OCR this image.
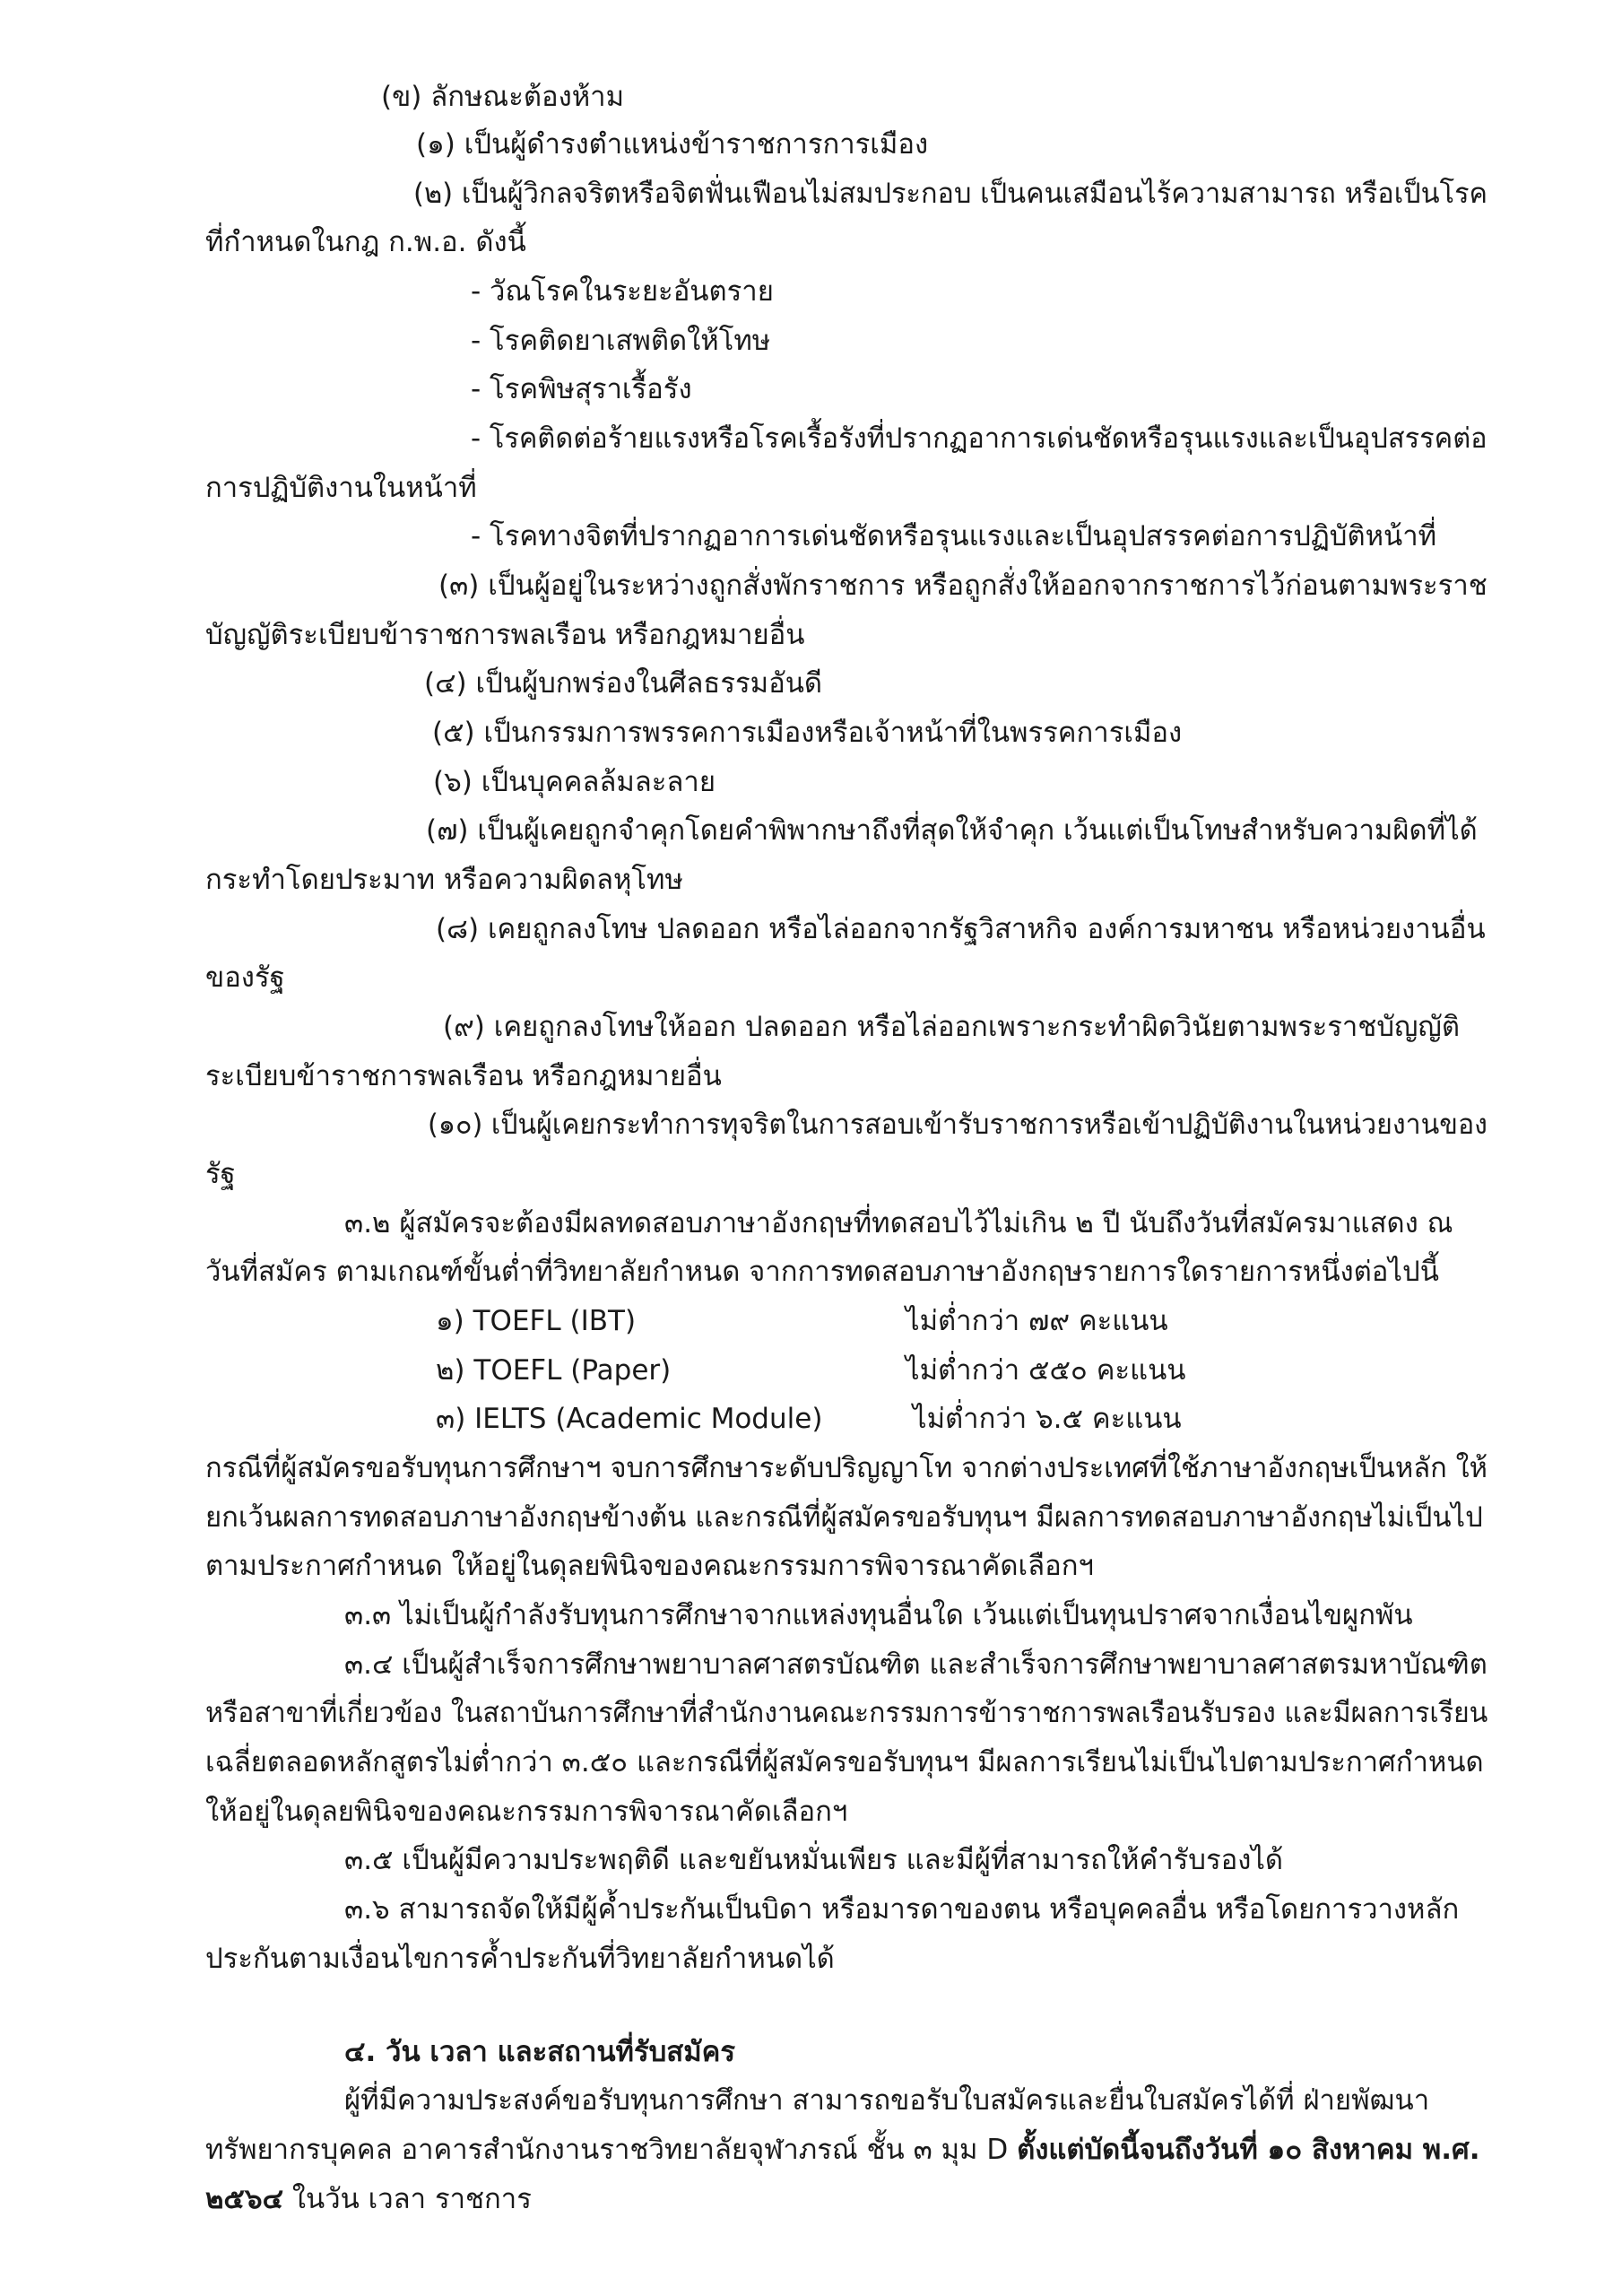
(ข) ลักษณะต้องห้าม

(๑) เป็นผู้ดำรงตำแหน่งข้าราชการการเมือง

(๒) เป็นผู้วิกลจริตหรือจิตฟั่นเฟือนไม่สมประกอบ เป็นคนเสมือนไร้ความสามารถ หรือเป็นโรค

ที่กำหนดในกฎ ก.พ.อ. ดังนี้

- วัณโรคในระยะอันตราย

- โรคติดยาเสพติดให้โทษ

- โรคพิษสุราเรื้อรัง

- โรคติดต่อร้ายแรงหรือโรคเรื้อรังที่ปรากฏอาการเด่นชัดหรือรุนแรงและเป็นอุปสรรคต่อ

การปฏิบัติงานในหน้าที่

- โรคทางจิตที่ปรากฏอาการเด่นชัดหรือรุนแรงและเป็นอุปสรรคต่อการปฏิบัติหน้าที่

(๓) เป็นผู้อยู่ในระหว่างถูกสั่งพักราชการ หรือถูกสั่งให้ออกจากราชการไว้ก่อนตามพระราช

บัญญัติระเบียบข้าราชการพลเรือน หรือกฎหมายอื่น

(๔) เป็นผู้บกพร่องในศีลธรรมอันดี

(๕) เป็นกรรมการพรรคการเมืองหรือเจ้าหน้าที่ในพรรคการเมือง

(๖) เป็นบุคคลล้มละลาย

(๗) เป็นผู้เคยถูกจำคุกโดยคำพิพากษาถึงที่สุดให้จำคุก เว้นแต่เป็นโทษสำหรับความผิดที่ได้

กระทำโดยประมาท หรือความผิดลหุโทษ

(๘) เคยถูกลงโทษ ปลดออก หรือไล่ออกจากรัฐวิสาหกิจ องค์การมหาชน หรือหน่วยงานอื่น

ของรัฐ

(๙) เคยถูกลงโทษให้ออก ปลดออก หรือไล่ออกเพราะกระทำผิดวินัยตามพระราชบัญญัติ

ระเบียบข้าราชการพลเรือน หรือกฎหมายอื่น

(๑๐) เป็นผู้เคยกระทำการทุจริตในการสอบเข้ารับราชการหรือเข้าปฏิบัติงานในหน่วยงานของ

รัฐ

๓.๒ ผู้สมัครจะต้องมีผลทดสอบภาษาอังกฤษที่ทดสอบไว้ไม่เกิน ๒ ปี นับถึงวันที่สมัครมาแสดง ณ

วันที่สมัคร ตามเกณฑ์ขั้นต่ำที่วิทยาลัยกำหนด จากการทดสอบภาษาอังกฤษรายการใดรายการหนึ่งต่อไปนี้

๑) TOEFL (IBT)	ไม่ต่ำกว่า ๗๙ คะแนน

๒) TOEFL (Paper)	ไม่ต่ำกว่า ๕๕๐ คะแนน

๓) IELTS (Academic Module)	ไม่ต่ำกว่า ๖.๕ คะแนน

กรณีที่ผู้สมัครขอรับทุนการศึกษาฯ จบการศึกษาระดับปริญญาโท จากต่างประเทศที่ใช้ภาษาอังกฤษเป็นหลัก ให้

ยกเว้นผลการทดสอบภาษาอังกฤษข้างต้น และกรณีที่ผู้สมัครขอรับทุนฯ มีผลการทดสอบภาษาอังกฤษไม่เป็นไป

ตามประกาศกำหนด ให้อยู่ในดุลยพินิจของคณะกรรมการพิจารณาคัดเลือกฯ

๓.๓ ไม่เป็นผู้กำลังรับทุนการศึกษาจากแหล่งทุนอื่นใด เว้นแต่เป็นทุนปราศจากเงื่อนไขผูกพัน

๓.๔ เป็นผู้สำเร็จการศึกษาพยาบาลศาสตรบัณฑิต และสำเร็จการศึกษาพยาบาลศาสตรมหาบัณฑิต

หรือสาขาที่เกี่ยวข้อง ในสถาบันการศึกษาที่สำนักงานคณะกรรมการข้าราชการพลเรือนรับรอง และมีผลการเรียน

เฉลี่ยตลอดหลักสูตรไม่ต่ำกว่า ๓.๕๐ และกรณีที่ผู้สมัครขอรับทุนฯ มีผลการเรียนไม่เป็นไปตามประกาศกำหนด

ให้อยู่ในดุลยพินิจของคณะกรรมการพิจารณาคัดเลือกฯ

๓.๕ เป็นผู้มีความประพฤติดี และขยันหมั่นเพียร และมีผู้ที่สามารถให้คำรับรองได้

๓.๖ สามารถจัดให้มีผู้ค้ำประกันเป็นบิดา หรือมารดาของตน หรือบุคคลอื่น หรือโดยการวางหลัก

ประกันตามเงื่อนไขการค้ำประกันที่วิทยาลัยกำหนดได้

๔. วัน เวลา และสถานที่รับสมัคร

ผู้ที่มีความประสงค์ขอรับทุนการศึกษา สามารถขอรับใบสมัครและยื่นใบสมัครได้ที่ ฝ่ายพัฒนา

ทรัพยากรบุคคล อาคารสำนักงานราชวิทยาลัยจุฬาภรณ์ ชั้น ๓ มุม D ตั้งแต่บัดนี้จนถึงวันที่ ๑๐ สิงหาคม พ.ศ.

๒๕๖๔ ในวัน เวลา ราชการ
